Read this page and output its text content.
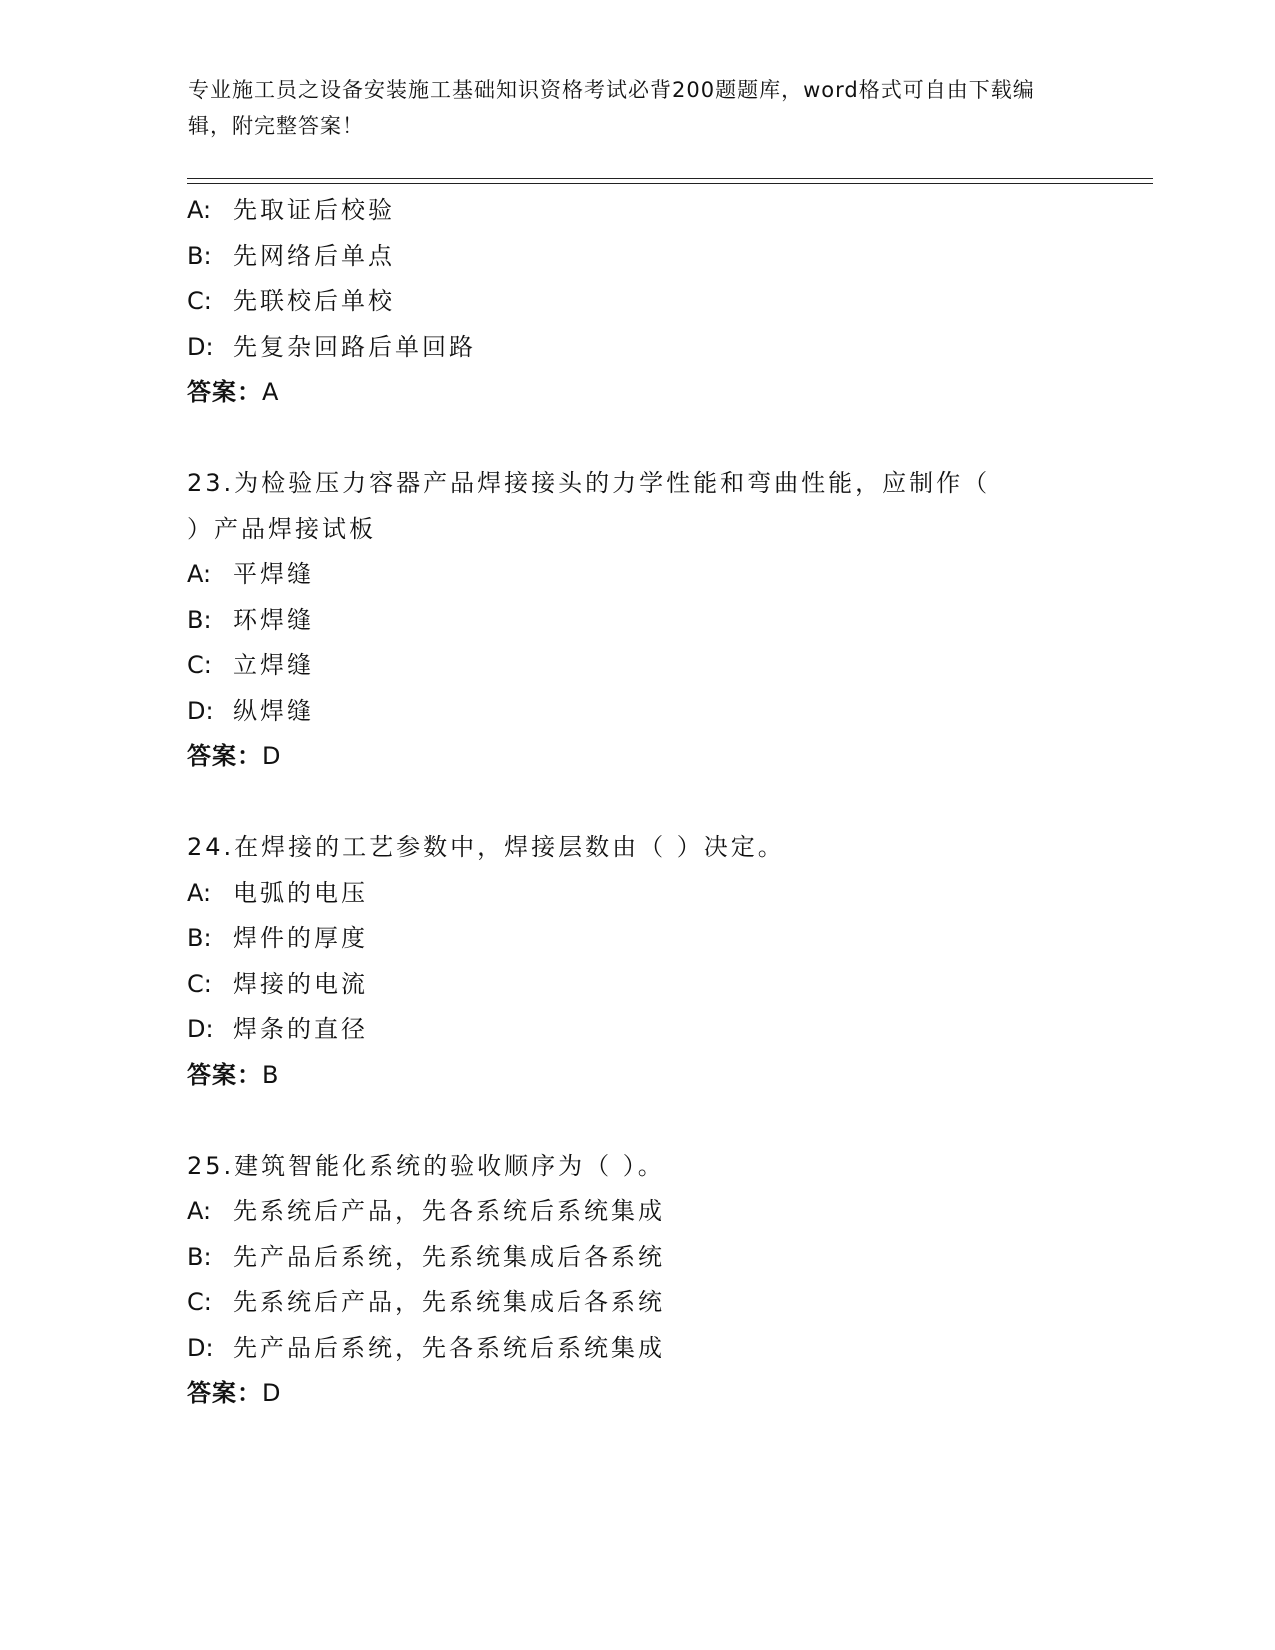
专业施工员之设备安装施工基础知识资格考试必背200题题库，word格式可自由下载编辑，附完整答案！
A: 先取证后校验
B: 先网络后单点
C: 先联校后单校
D: 先复杂回路后单回路
答案：A
23.为检验压力容器产品焊接接头的力学性能和弯曲性能，应制作（
）产品焊接试板
A: 平焊缝
B: 环焊缝
C: 立焊缝
D: 纵焊缝
答案：D
24.在焊接的工艺参数中，焊接层数由（ ）决定。
A: 电弧的电压
B: 焊件的厚度
C: 焊接的电流
D: 焊条的直径
答案：B
25.建筑智能化系统的验收顺序为（ ）。
A: 先系统后产品，先各系统后系统集成
B: 先产品后系统，先系统集成后各系统
C: 先系统后产品，先系统集成后各系统
D: 先产品后系统，先各系统后系统集成
答案：D
